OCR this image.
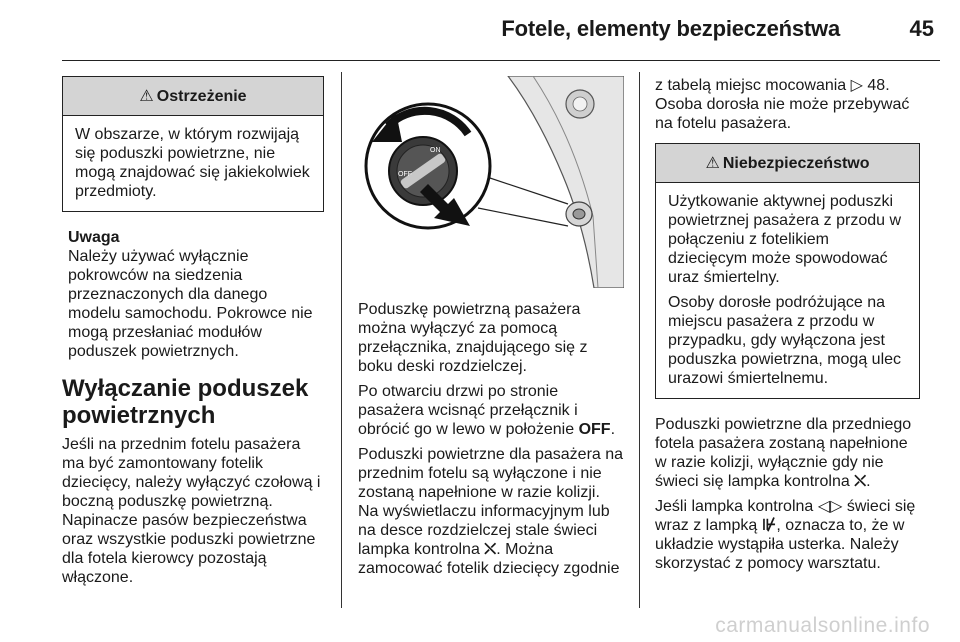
Fotele, elementy bezpieczeństwa	45
⚠ Ostrzeżenie

W obszarze, w którym rozwijają się poduszki powietrzne, nie mogą znajdować się jakiekolwiek przedmioty.

Uwaga
Należy używać wyłącznie pokrowców na siedzenia przeznaczonych dla danego modelu samochodu. Pokrowce nie mogą przesłaniać modułów poduszek powietrznych.
Wyłączanie poduszek powietrznych

Jeśli na przednim fotelu pasażera ma być zamontowany fotelik dziecięcy, należy wyłączyć czołową i boczną poduszkę powietrzną. Napinacze pasów bezpieczeństwa oraz wszystkie poduszki powietrzne dla fotela kierowcy pozostają włączone.

ON
OFF

Poduszkę powietrzną pasażera można wyłączyć za pomocą przełącznika, znajdującego się z boku deski rozdzielczej.

Po otwarciu drzwi po stronie pasażera wcisnąć przełącznik i obrócić go w lewo w położenie OFF.

Poduszki powietrzne dla pasażera na przednim fotelu są wyłączone i nie zostaną napełnione w razie kolizji. Na wyświetlaczu informacyjnym lub na desce rozdzielczej stale świeci lampka kontrolna ⛌. Można zamocować fotelik dziecięcy zgodnie

z tabelą miejsc mocowania ▷ 48. Osoba dorosła nie może przebywać na fotelu pasażera.

⚠ Niebezpieczeństwo

Użytkowanie aktywnej poduszki powietrznej pasażera z przodu w połączeniu z fotelikiem dziecięcym może spowodować uraz śmiertelny.

Osoby dorosłe podróżujące na miejscu pasażera z przodu w przypadku, gdy wyłączona jest poduszka powietrzna, mogą ulec urazowi śmiertelnemu.

Poduszki powietrzne dla przedniego fotela pasażera zostaną napełnione w razie kolizji, wyłącznie gdy nie świeci się lampka kontrolna ⛌.

Jeśli lampka kontrolna ◁▷ świeci się wraz z lampką ⊮, oznacza to, że w układzie wystąpiła usterka. Należy skorzystać z pomocy warsztatu.

carmanualsonline.info
